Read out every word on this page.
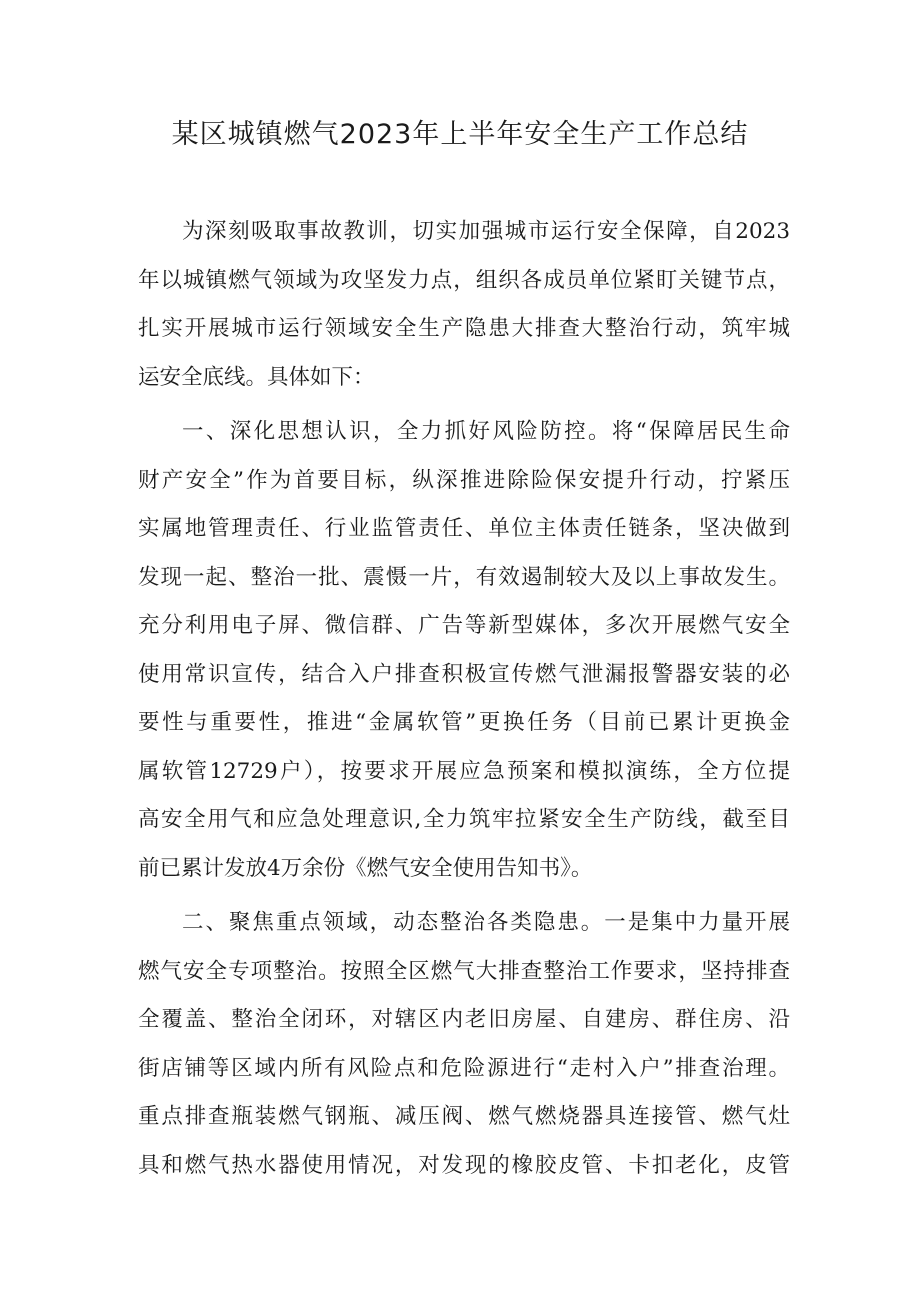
某区城镇燃气2023年上半年安全生产工作总结
为深刻吸取事故教训，切实加强城市运行安全保障，自2023
年以城镇燃气领域为攻坚发力点，组织各成员单位紧盯关键节点，
扎实开展城市运行领域安全生产隐患大排查大整治行动，筑牢城
运安全底线。具体如下：
一、深化思想认识，全力抓好风险防控。将“保障居民生命
财产安全”作为首要目标，纵深推进除险保安提升行动，拧紧压
实属地管理责任、行业监管责任、单位主体责任链条，坚决做到
发现一起、整治一批、震慑一片，有效遏制较大及以上事故发生。
充分利用电子屏、微信群、广告等新型媒体，多次开展燃气安全
使用常识宣传，结合入户排查积极宣传燃气泄漏报警器安装的必
要性与重要性，推进“金属软管”更换任务（目前已累计更换金
属软管12729户），按要求开展应急预案和模拟演练，全方位提
高安全用气和应急处理意识,全力筑牢拉紧安全生产防线，截至目
前已累计发放4万余份《燃气安全使用告知书》。
二、聚焦重点领域，动态整治各类隐患。一是集中力量开展
燃气安全专项整治。按照全区燃气大排查整治工作要求，坚持排查
全覆盖、整治全闭环，对辖区内老旧房屋、自建房、群住房、沿
街店铺等区域内所有风险点和危险源进行“走村入户”排查治理。
重点排查瓶装燃气钢瓶、减压阀、燃气燃烧器具连接管、燃气灶
具和燃气热水器使用情况，对发现的橡胶皮管、卡扣老化，皮管
